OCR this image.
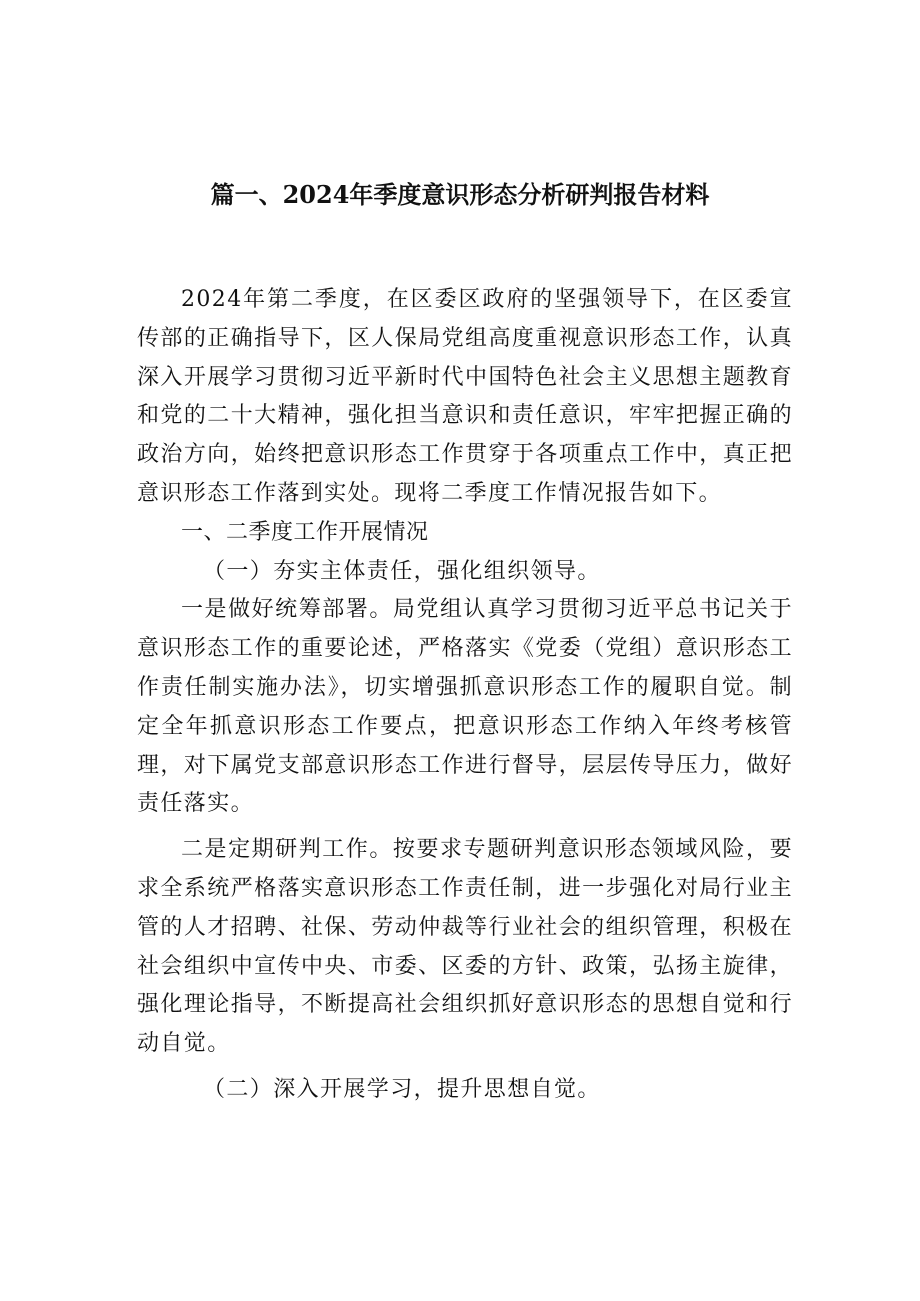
篇一、2024年季度意识形态分析研判报告材料

2024年第二季度，在区委区政府的坚强领导下，在区委宣传部的正确指导下，区人保局党组高度重视意识形态工作，认真深入开展学习贯彻习近平新时代中国特色社会主义思想主题教育和党的二十大精神，强化担当意识和责任意识，牢牢把握正确的政治方向，始终把意识形态工作贯穿于各项重点工作中，真正把意识形态工作落到实处。现将二季度工作情况报告如下。

一、二季度工作开展情况

（一）夯实主体责任，强化组织领导。

一是做好统筹部署。局党组认真学习贯彻习近平总书记关于意识形态工作的重要论述，严格落实《党委（党组）意识形态工作责任制实施办法》，切实增强抓意识形态工作的履职自觉。制定全年抓意识形态工作要点，把意识形态工作纳入年终考核管理，对下属党支部意识形态工作进行督导，层层传导压力，做好责任落实。

二是定期研判工作。按要求专题研判意识形态领域风险，要求全系统严格落实意识形态工作责任制，进一步强化对局行业主管的人才招聘、社保、劳动仲裁等行业社会的组织管理，积极在社会组织中宣传中央、市委、区委的方针、政策，弘扬主旋律，强化理论指导，不断提高社会组织抓好意识形态的思想自觉和行动自觉。

（二）深入开展学习，提升思想自觉。
